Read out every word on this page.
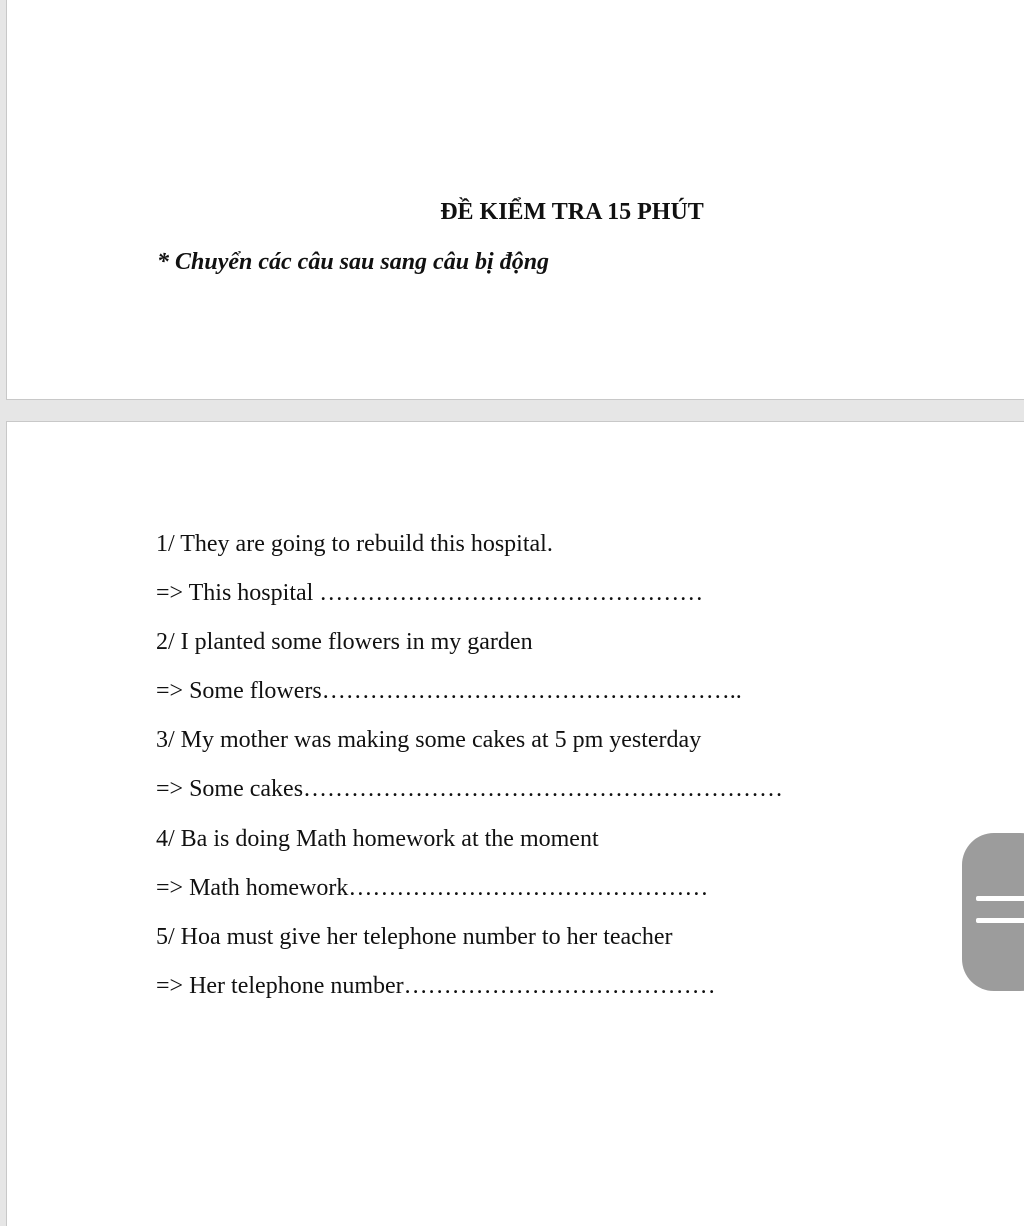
ĐỀ KIỂM TRA 15 PHÚT
* Chuyển các câu sau sang câu bị động
1/ They are going to rebuild this hospital.
=> This hospital …………………………………………
2/ I planted some flowers in my garden
=> Some flowers……………………………………………..
3/ My mother was making some cakes at 5 pm yesterday
=> Some cakes……………………………………………………
4/ Ba is doing Math homework at the moment
=> Math homework………………………………………
5/ Hoa must give her telephone number to her teacher
=> Her telephone number…………………………………
